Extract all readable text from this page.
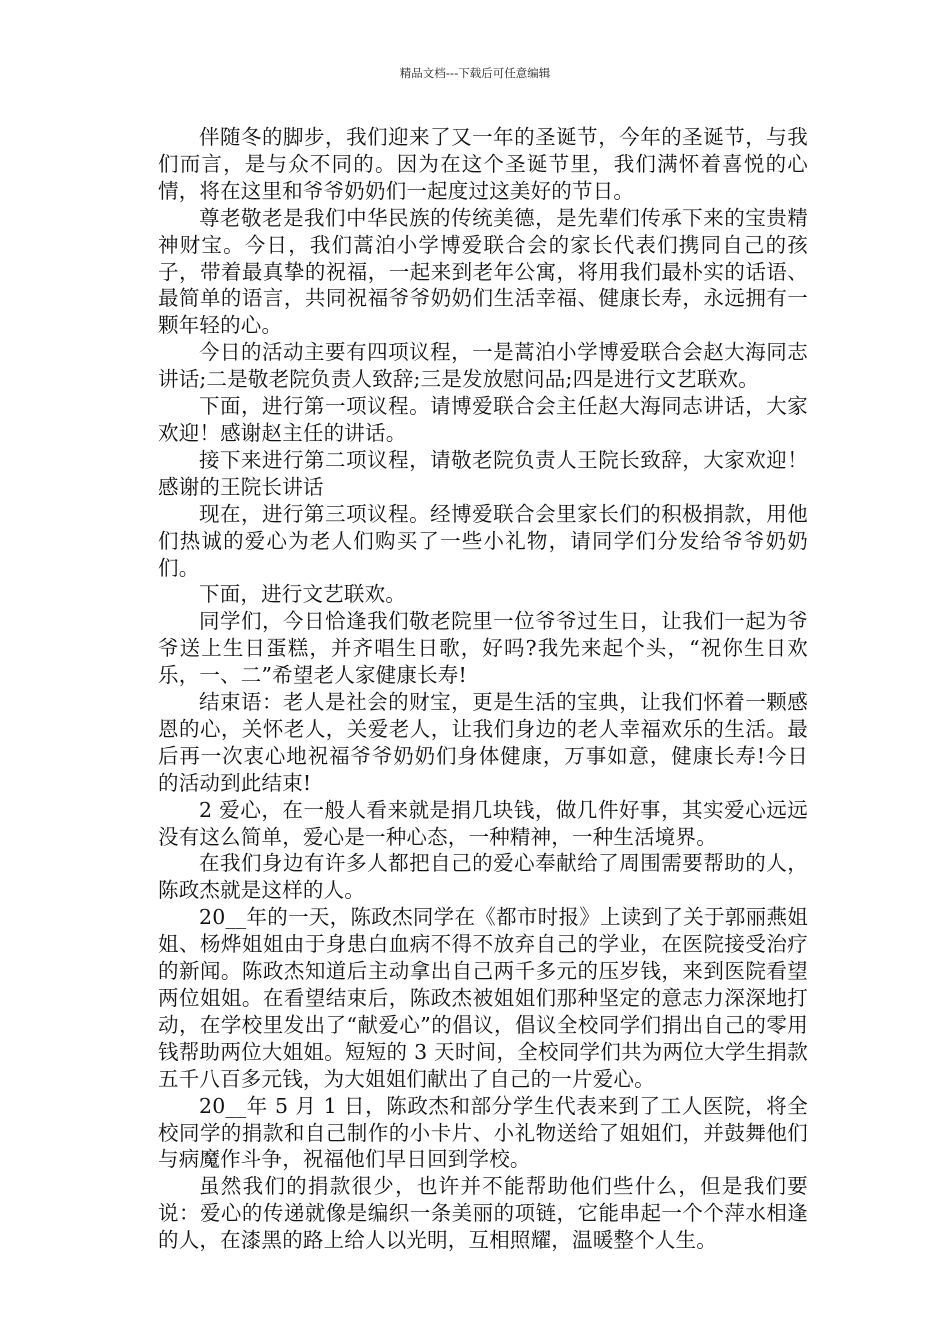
精品文档---下载后可任意编辑

伴随冬的脚步，我们迎来了又一年的圣诞节，今年的圣诞节，与我们而言，是与众不同的。因为在这个圣诞节里，我们满怀着喜悦的心情，将在这里和爷爷奶奶们一起度过这美好的节日。

尊老敬老是我们中华民族的传统美德，是先辈们传承下来的宝贵精神财宝。今日，我们蒿泊小学博爱联合会的家长代表们携同自己的孩子，带着最真挚的祝福，一起来到老年公寓，将用我们最朴实的话语、最简单的语言，共同祝福爷爷奶奶们生活幸福、健康长寿，永远拥有一颗年轻的心。

今日的活动主要有四项议程，一是蒿泊小学博爱联合会赵大海同志讲话;二是敬老院负责人致辞;三是发放慰问品;四是进行文艺联欢。

下面，进行第一项议程。请博爱联合会主任赵大海同志讲话，大家欢迎！感谢赵主任的讲话。

接下来进行第二项议程，请敬老院负责人王院长致辞，大家欢迎！感谢的王院长讲话

现在，进行第三项议程。经博爱联合会里家长们的积极捐款，用他们热诚的爱心为老人们购买了一些小礼物，请同学们分发给爷爷奶奶们。

下面，进行文艺联欢。

同学们，今日恰逢我们敬老院里一位爷爷过生日，让我们一起为爷爷送上生日蛋糕，并齐唱生日歌，好吗?我先来起个头，“祝你生日欢乐，一、二”希望老人家健康长寿!

结束语：老人是社会的财宝，更是生活的宝典，让我们怀着一颗感恩的心，关怀老人，关爱老人，让我们身边的老人幸福欢乐的生活。最后再一次衷心地祝福爷爷奶奶们身体健康，万事如意，健康长寿!今日的活动到此结束!

2 爱心，在一般人看来就是捐几块钱，做几件好事，其实爱心远远没有这么简单，爱心是一种心态，一种精神，一种生活境界。

在我们身边有许多人都把自己的爱心奉献给了周围需要帮助的人，陈政杰就是这样的人。

20__年的一天，陈政杰同学在《都市时报》上读到了关于郭丽燕姐姐、杨烨姐姐由于身患白血病不得不放弃自己的学业，在医院接受治疗的新闻。陈政杰知道后主动拿出自己两千多元的压岁钱，来到医院看望两位姐姐。在看望结束后，陈政杰被姐姐们那种坚定的意志力深深地打动，在学校里发出了“献爱心”的倡议，倡议全校同学们捐出自己的零用钱帮助两位大姐姐。短短的 3 天时间，全校同学们共为两位大学生捐款五千八百多元钱，为大姐姐们献出了自己的一片爱心。

20__年 5 月 1 日，陈政杰和部分学生代表来到了工人医院，将全校同学的捐款和自己制作的小卡片、小礼物送给了姐姐们，并鼓舞他们与病魔作斗争，祝福他们早日回到学校。

虽然我们的捐款很少，也许并不能帮助他们些什么，但是我们要说：爱心的传递就像是编织一条美丽的项链，它能串起一个个萍水相逢的人，在漆黑的路上给人以光明，互相照耀，温暖整个人生。
